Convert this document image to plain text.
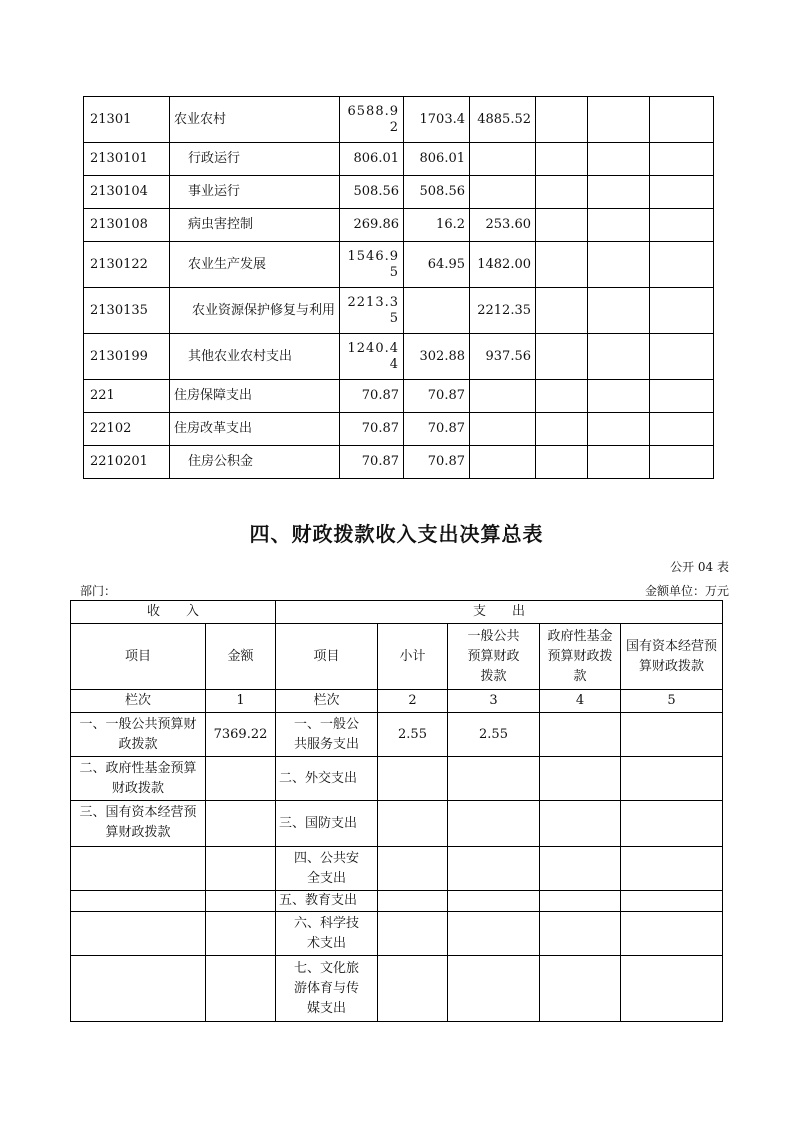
21301	农业农村	6588.92	1703.4	4885.52			
2130101	行政运行	806.01	806.01				
2130104	事业运行	508.56	508.56				
2130108	病虫害控制	269.86	16.2	253.60			
2130122	农业生产发展	1546.95	64.95	1482.00			
2130135	农业资源保护修复与利用	2213.35		2212.35			
2130199	其他农业农村支出	1240.44	302.88	937.56			
221	住房保障支出	70.87	70.87				
22102	住房改革支出	70.87	70.87				
2210201	住房公积金	70.87	70.87				
四、财政拨款收入支出决算总表
公开 04 表
部门：	金额单位：万元
收　　入		支　　出				
项目	金额	项目	小计	一般公共预算财政拨款	政府性基金预算财政拨款	国有资本经营预算财政拨款
栏次	1	栏次	2	3	4	5
一、一般公共预算财政拨款	7369.22	一、一般公共服务支出	2.55	2.55		
二、政府性基金预算财政拨款		二、外交支出				
三、国有资本经营预算财政拨款		三、国防支出				
		四、公共安全支出				
		五、教育支出				
		六、科学技术支出				
		七、文化旅游体育与传媒支出				
